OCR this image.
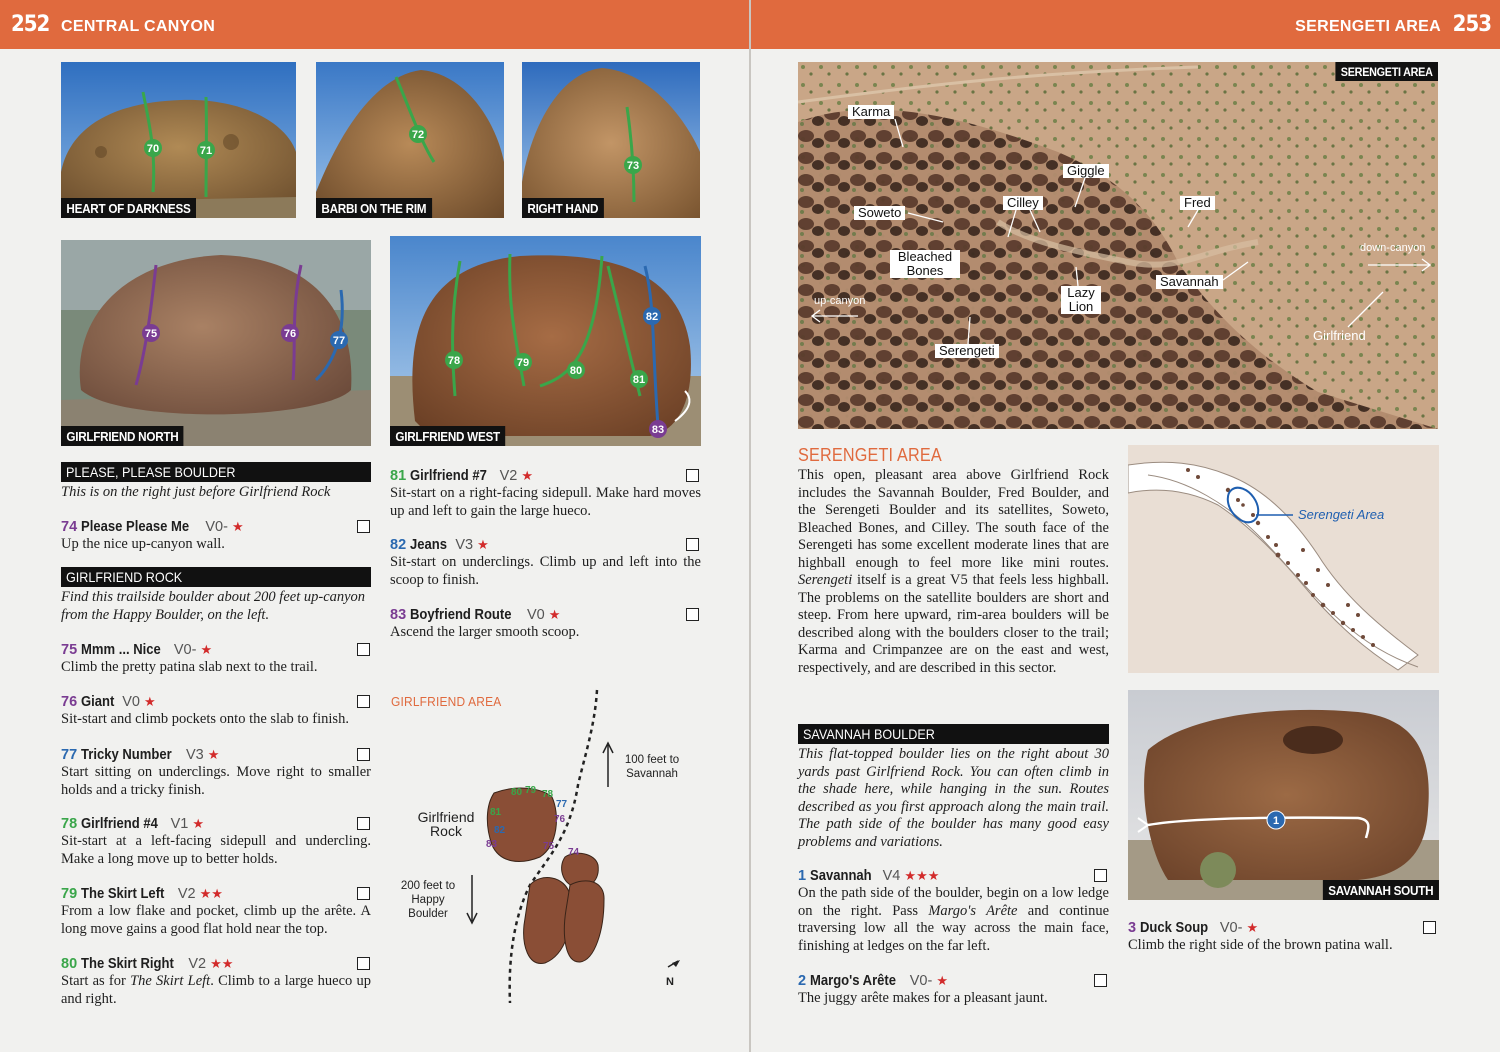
252 CENTRAL CANYON
70	71
HEART OF DARKNESS
72
BARBI ON THE RIM
73
RIGHT HAND
75	76
77
GIRLFRIEND NORTH
78	79
80
81
82
83
GIRLFRIEND WEST
PLEASE, PLEASE BOULDER
This is on the right just before Girlfriend Rock
74 Please Please Me V0- ★
Up the nice up-canyon wall.
GIRLFRIEND ROCK
Find this trailside boulder about 200 feet up-canyon from the Happy Boulder, on the left.
75 Mmm ... Nice V0- ★
Climb the pretty patina slab next to the trail.
76 Giant V0 ★
Sit-start and climb pockets onto the slab to finish.
77 Tricky Number V3 ★
Start sitting on underclings. Move right to smaller holds and a tricky finish.
78 Girlfriend #4 V1 ★
Sit-start at a left-facing sidepull and undercling. Make a long move up to better holds.
79 The Skirt Left V2 ★★
From a low flake and pocket, climb up the arête. A long move gains a good flat hold near the top.
80 The Skirt Right V2 ★★
Start as for The Skirt Left. Climb to a large hueco up and right.
81 Girlfriend #7 V2 ★
Sit-start on a right-facing sidepull. Make hard moves up and left to gain the large hueco.
82 Jeans V3 ★
Sit-start on underclings. Climb up and left into the scoop to finish.
83 Boyfriend Route V0 ★
Ascend the larger smooth scoop.
GIRLFRIEND AREA
80 79 78
77
76
81
82
83	75
74
Girlfriend Rock
100 feet to Savannah
200 feet to Happy Boulder
N
SERENGETI AREA 253
SERENGETI AREA
Karma
Giggle
Soweto
Cilley	Fred
Bleached Bones
Lazy Lion
Savannah
Serengeti
Girlfriend
up-canyon
down-canyon
SERENGETI AREA
This open, pleasant area above Girlfriend Rock includes the Savannah Boulder, Fred Boulder, and the Serengeti Boulder and its satellites, Soweto, Bleached Bones, and Cilley. The south face of the Serengeti has some excellent moderate lines that are highball enough to feel more like mini routes. Serengeti itself is a great V5 that feels less highball. The problems on the satellite boulders are short and steep. From here upward, rim-area boulders will be described along with the boulders closer to the trail; Karma and Crimpanzee are on the east and west, respectively, and are described in this sector.
Serengeti Area
SAVANNAH BOULDER
This flat-topped boulder lies on the right about 30 yards past Girlfriend Rock. You can often climb in the shade here, while hanging in the sun. Routes described as you first approach along the main trail. The path side of the boulder has many good easy problems and variations.
1 Savannah V4 ★★★
On the path side of the boulder, begin on a low ledge on the right. Pass Margo's Arête and continue traversing low all the way across the main face, finishing at ledges on the far left.
2 Margo's Arête V0- ★
The juggy arête makes for a pleasant jaunt.
1
SAVANNAH SOUTH
3 Duck Soup V0- ★
Climb the right side of the brown patina wall.
